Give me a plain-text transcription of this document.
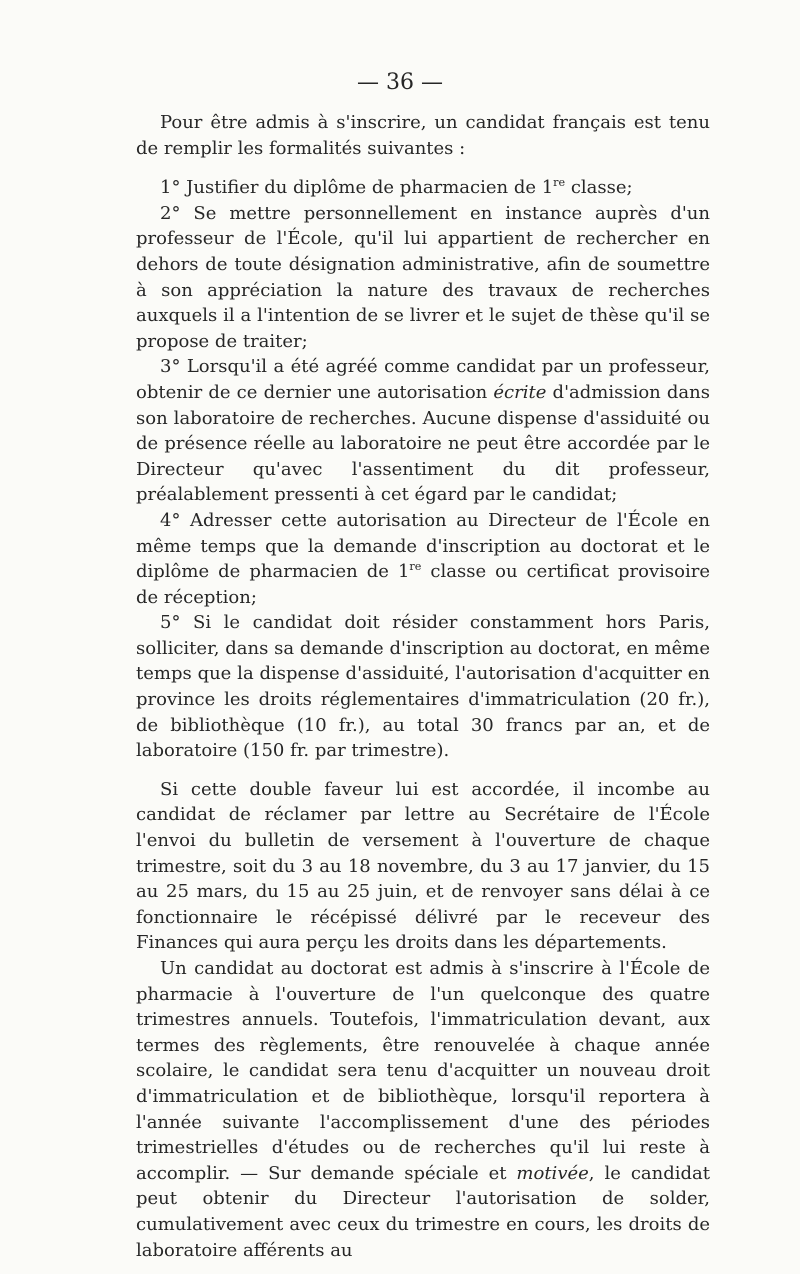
— 36 —

Pour être admis à s'inscrire, un candidat français est tenu de remplir les formalités suivantes :

1° Justifier du diplôme de pharmacien de 1re classe;

2° Se mettre personnellement en instance auprès d'un professeur de l'École, qu'il lui appartient de rechercher en dehors de toute désignation administrative, afin de soumettre à son appréciation la nature des travaux de recherches auxquels il a l'intention de se livrer et le sujet de thèse qu'il se propose de traiter;

3° Lorsqu'il a été agréé comme candidat par un professeur, obtenir de ce dernier une autorisation écrite d'admission dans son laboratoire de recherches. Aucune dispense d'assiduité ou de présence réelle au laboratoire ne peut être accordée par le Directeur qu'avec l'assentiment du dit professeur, préalablement pressenti à cet égard par le candidat;

4° Adresser cette autorisation au Directeur de l'École en même temps que la demande d'inscription au doctorat et le diplôme de pharmacien de 1re classe ou certificat provisoire de réception;

5° Si le candidat doit résider constamment hors Paris, solliciter, dans sa demande d'inscription au doctorat, en même temps que la dispense d'assiduité, l'autorisation d'acquitter en province les droits réglementaires d'immatriculation (20 fr.), de bibliothèque (10 fr.), au total 30 francs par an, et de laboratoire (150 fr. par trimestre).

Si cette double faveur lui est accordée, il incombe au candidat de réclamer par lettre au Secrétaire de l'École l'envoi du bulletin de versement à l'ouverture de chaque trimestre, soit du 3 au 18 novembre, du 3 au 17 janvier, du 15 au 25 mars, du 15 au 25 juin, et de renvoyer sans délai à ce fonctionnaire le récépissé délivré par le receveur des Finances qui aura perçu les droits dans les départements.

Un candidat au doctorat est admis à s'inscrire à l'École de pharmacie à l'ouverture de l'un quelconque des quatre trimestres annuels. Toutefois, l'immatriculation devant, aux termes des règlements, être renouvelée à chaque année scolaire, le candidat sera tenu d'acquitter un nouveau droit d'immatriculation et de bibliothèque, lorsqu'il reportera à l'année suivante l'accomplissement d'une des périodes trimestrielles d'études ou de recherches qu'il lui reste à accomplir. — Sur demande spéciale et motivée, le candidat peut obtenir du Directeur l'autorisation de solder, cumulativement avec ceux du trimestre en cours, les droits de laboratoire afférents au
